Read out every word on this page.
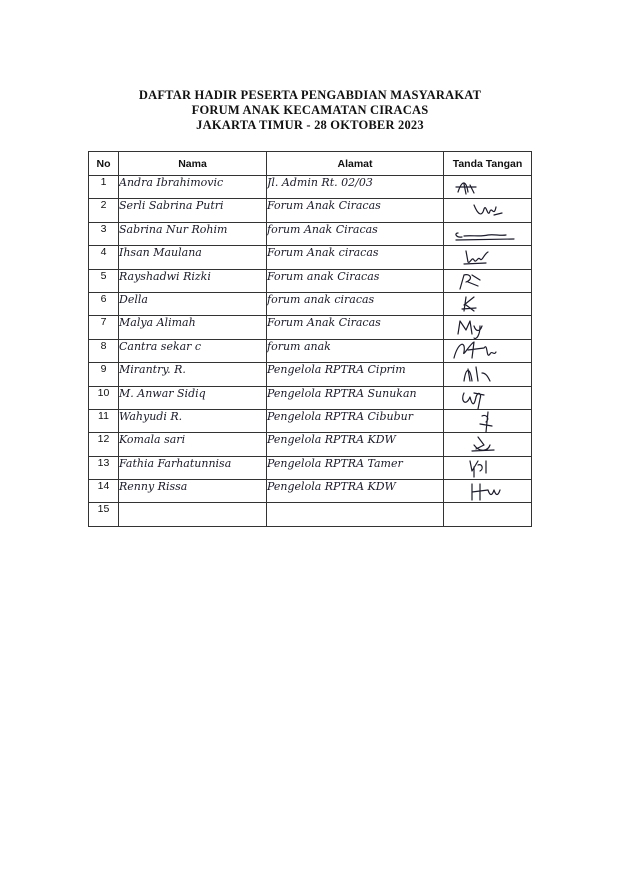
DAFTAR HADIR PESERTA PENGABDIAN MASYARAKAT
FORUM ANAK KECAMATAN CIRACAS
JAKARTA TIMUR - 28 OKTOBER 2023
No	Nama	Alamat	Tanda Tangan
1	Andra Ibrahimovic	Jl. Admin Rt. 02/03	

2	Serli Sabrina Putri	Forum Anak Ciracas	

3	Sabrina Nur Rohim	forum Anak Ciracas	

4	Ihsan Maulana	Forum Anak ciracas	

5	Rayshadwi Rizki	Forum anak Ciracas	

6	Della	forum anak ciracas	

7	Malya Alimah	Forum Anak Ciracas	

8	Cantra sekar c	forum anak	

9	Mirantry. R.	Pengelola RPTRA Ciprim	

10	M. Anwar Sidiq	Pengelola RPTRA Sunukan	

11	Wahyudi R.	Pengelola RPTRA Cibubur	

12	Komala sari	Pengelola RPTRA KDW	

13	Fathia Farhatunnisa	Pengelola RPTRA Tamer	

14	Renny Rissa	Pengelola RPTRA KDW	

15			
